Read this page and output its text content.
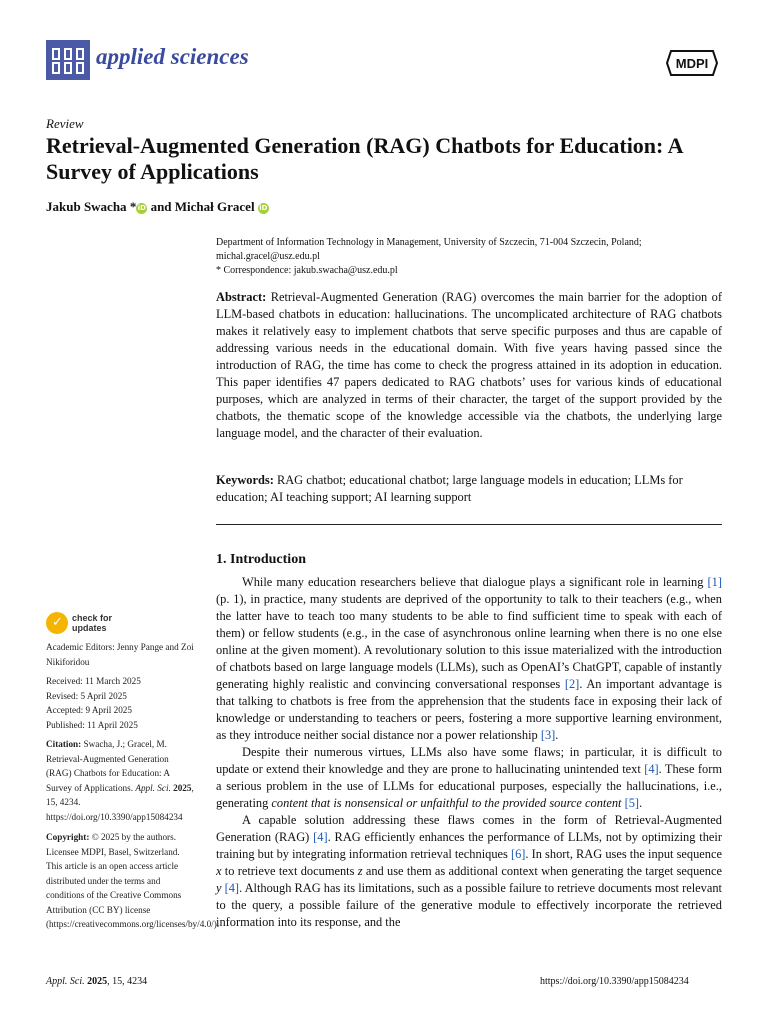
applied sciences	MDPI
Review
Retrieval-Augmented Generation (RAG) Chatbots for Education: A Survey of Applications
Jakub Swacha *iD and Michał Gracel iD
Department of Information Technology in Management, University of Szczecin, 71-004 Szczecin, Poland;
michal.gracel@usz.edu.pl
* Correspondence: jakub.swacha@usz.edu.pl
Abstract: Retrieval-Augmented Generation (RAG) overcomes the main barrier for the adoption of LLM-based chatbots in education: hallucinations. The uncomplicated architecture of RAG chatbots makes it relatively easy to implement chatbots that serve specific purposes and thus are capable of addressing various needs in the educational domain. With five years having passed since the introduction of RAG, the time has come to check the progress attained in its adoption in education. This paper identifies 47 papers dedicated to RAG chatbots’ uses for various kinds of educational purposes, which are analyzed in terms of their character, the target of the support provided by the chatbots, the thematic scope of the knowledge accessible via the chatbots, the underlying large language model, and the character of their evaluation.
Keywords: RAG chatbot; educational chatbot; large language models in education; LLMs for education; AI teaching support; AI learning support
1. Introduction

While many education researchers believe that dialogue plays a significant role in learning [1] (p. 1), in practice, many students are deprived of the opportunity to talk to their teachers (e.g., when the latter have to teach too many students to be able to find sufficient time to speak with each of them) or fellow students (e.g., in the case of asynchronous online learning when there is no one else online at the given moment). A revolutionary solution to this issue materialized with the introduction of chatbots based on large language models (LLMs), such as OpenAI’s ChatGPT, capable of instantly generating highly realistic and convincing conversational responses [2]. An important advantage is that talking to chatbots is free from the apprehension that the students face in exposing their lack of knowledge or understanding to teachers or peers, fostering a more supportive learning environment, as they introduce neither social distance nor a power relationship [3].

Despite their numerous virtues, LLMs also have some flaws; in particular, it is difficult to update or extend their knowledge and they are prone to hallucinating unintended text [4]. These form a serious problem in the use of LLMs for educational purposes, especially the hallucinations, i.e., generating content that is nonsensical or unfaithful to the provided source content [5].

A capable solution addressing these flaws comes in the form of Retrieval-Augmented Generation (RAG) [4]. RAG efficiently enhances the performance of LLMs, not by optimizing their training but by integrating information retrieval techniques [6]. In short, RAG uses the input sequence x to retrieve text documents z and use them as additional context when generating the target sequence y [4]. Although RAG has its limitations, such as a possible failure to retrieve documents most relevant to the query, a possible failure of the generative module to effectively incorporate the retrieved information into its response, and the

✓ check for
updates
Academic Editors: Jenny Pange and Zoi Nikiforidou
Received: 11 March 2025
Revised: 5 April 2025
Accepted: 9 April 2025
Published: 11 April 2025
Citation: Swacha, J.; Gracel, M. Retrieval-Augmented Generation (RAG) Chatbots for Education: A Survey of Applications. Appl. Sci. 2025, 15, 4234. https://doi.org/10.3390/app15084234
Copyright: © 2025 by the authors. Licensee MDPI, Basel, Switzerland. This article is an open access article distributed under the terms and conditions of the Creative Commons Attribution (CC BY) license (https://creativecommons.org/licenses/by/4.0/).
Appl. Sci. 2025, 15, 4234	https://doi.org/10.3390/app15084234
